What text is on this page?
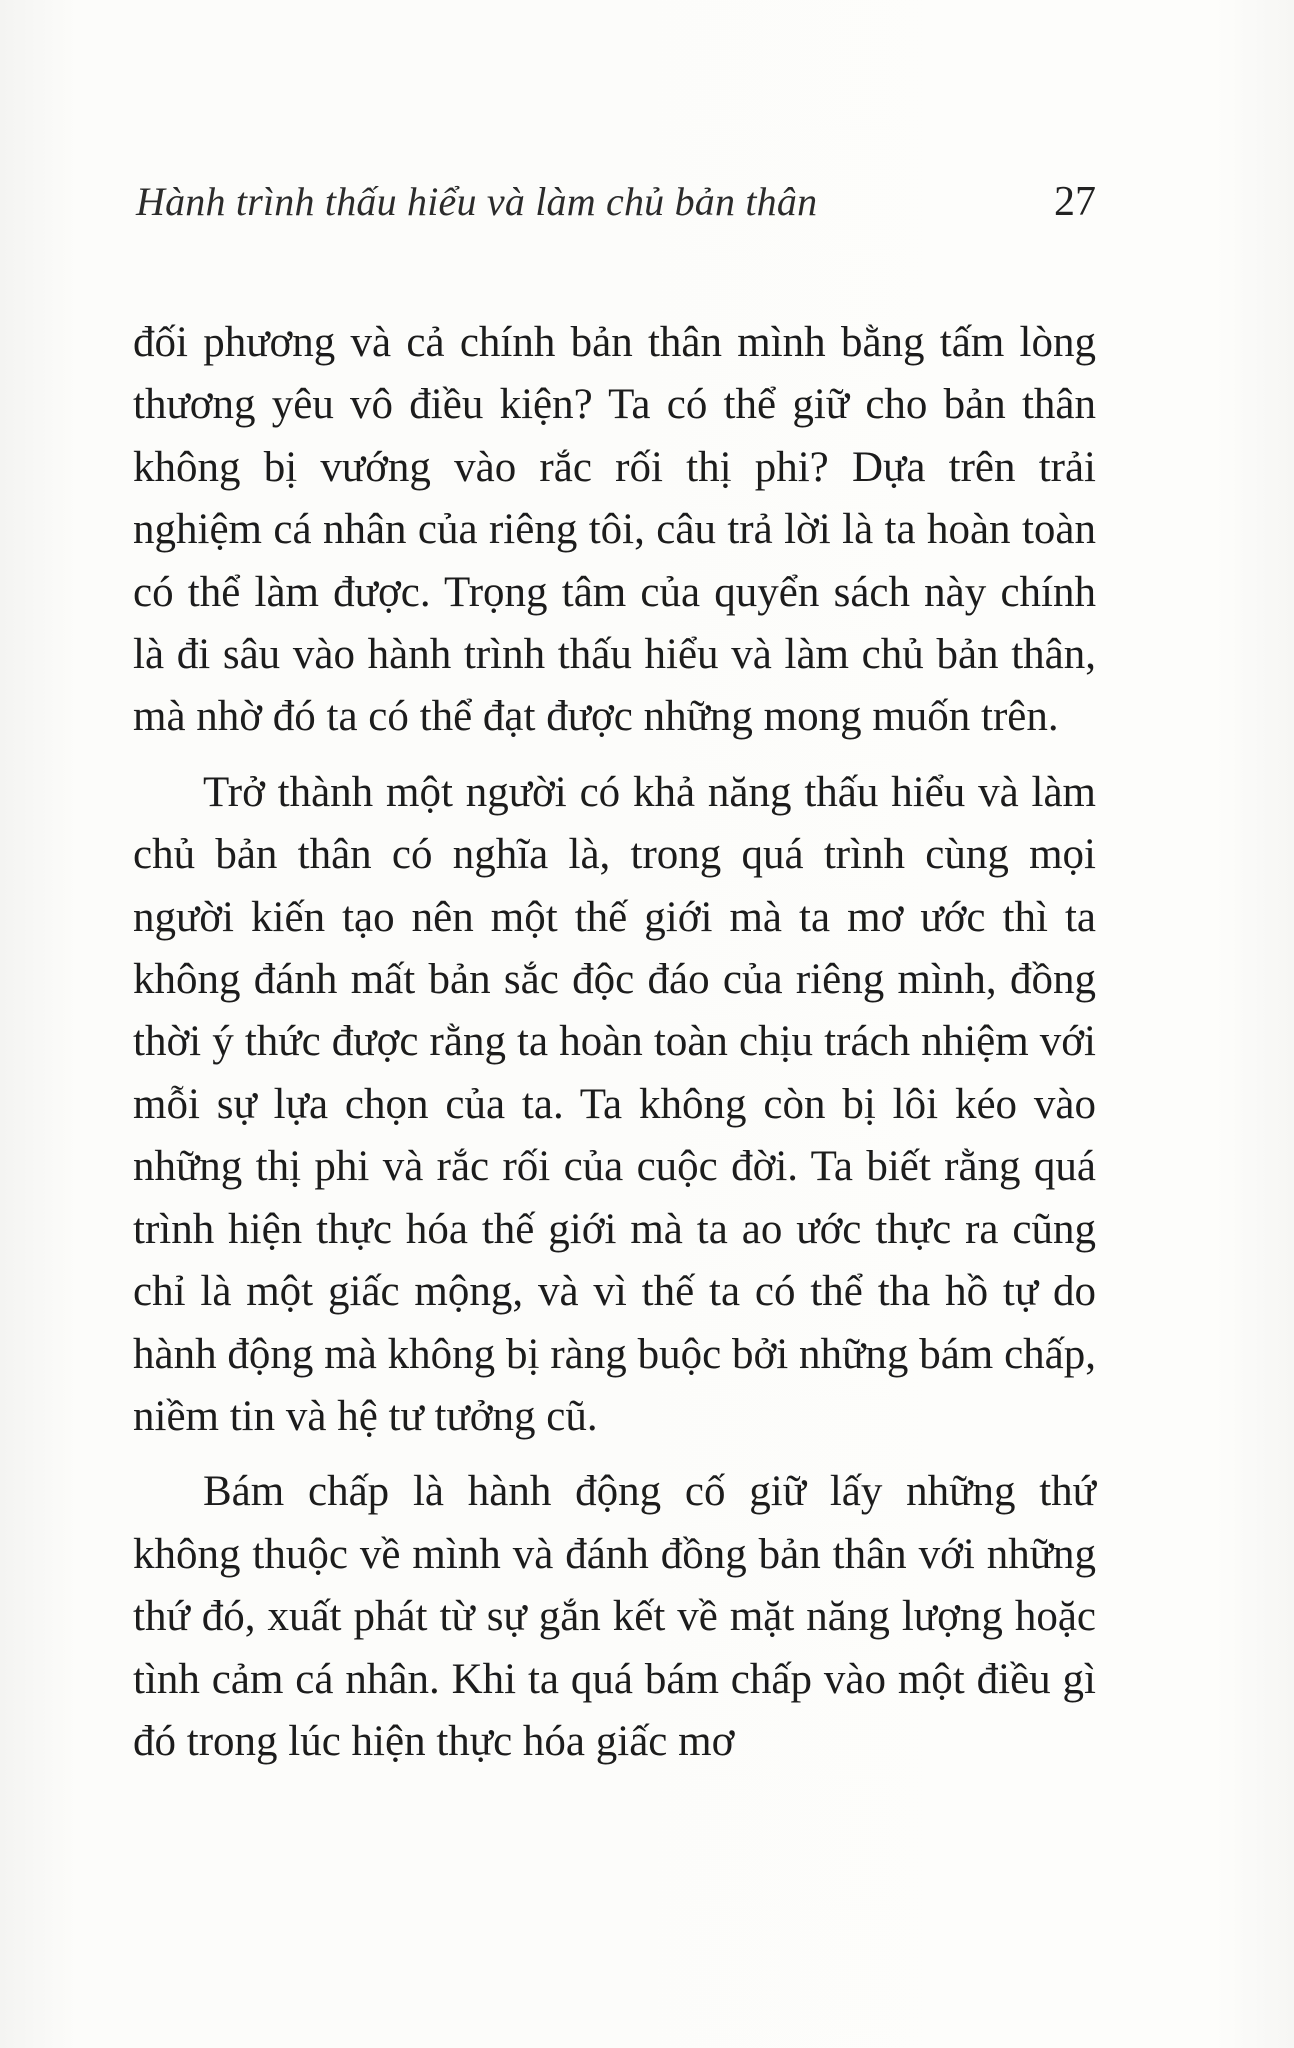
Hành trình thấu hiểu và làm chủ bản thân	27

đối phương và cả chính bản thân mình bằng tấm lòng thương yêu vô điều kiện? Ta có thể giữ cho bản thân không bị vướng vào rắc rối thị phi? Dựa trên trải nghiệm cá nhân của riêng tôi, câu trả lời là ta hoàn toàn có thể làm được. Trọng tâm của quyển sách này chính là đi sâu vào hành trình thấu hiểu và làm chủ bản thân, mà nhờ đó ta có thể đạt được những mong muốn trên.

Trở thành một người có khả năng thấu hiểu và làm chủ bản thân có nghĩa là, trong quá trình cùng mọi người kiến tạo nên một thế giới mà ta mơ ước thì ta không đánh mất bản sắc độc đáo của riêng mình, đồng thời ý thức được rằng ta hoàn toàn chịu trách nhiệm với mỗi sự lựa chọn của ta. Ta không còn bị lôi kéo vào những thị phi và rắc rối của cuộc đời. Ta biết rằng quá trình hiện thực hóa thế giới mà ta ao ước thực ra cũng chỉ là một giấc mộng, và vì thế ta có thể tha hồ tự do hành động mà không bị ràng buộc bởi những bám chấp, niềm tin và hệ tư tưởng cũ.

Bám chấp là hành động cố giữ lấy những thứ không thuộc về mình và đánh đồng bản thân với những thứ đó, xuất phát từ sự gắn kết về mặt năng lượng hoặc tình cảm cá nhân. Khi ta quá bám chấp vào một điều gì đó trong lúc hiện thực hóa giấc mơ
